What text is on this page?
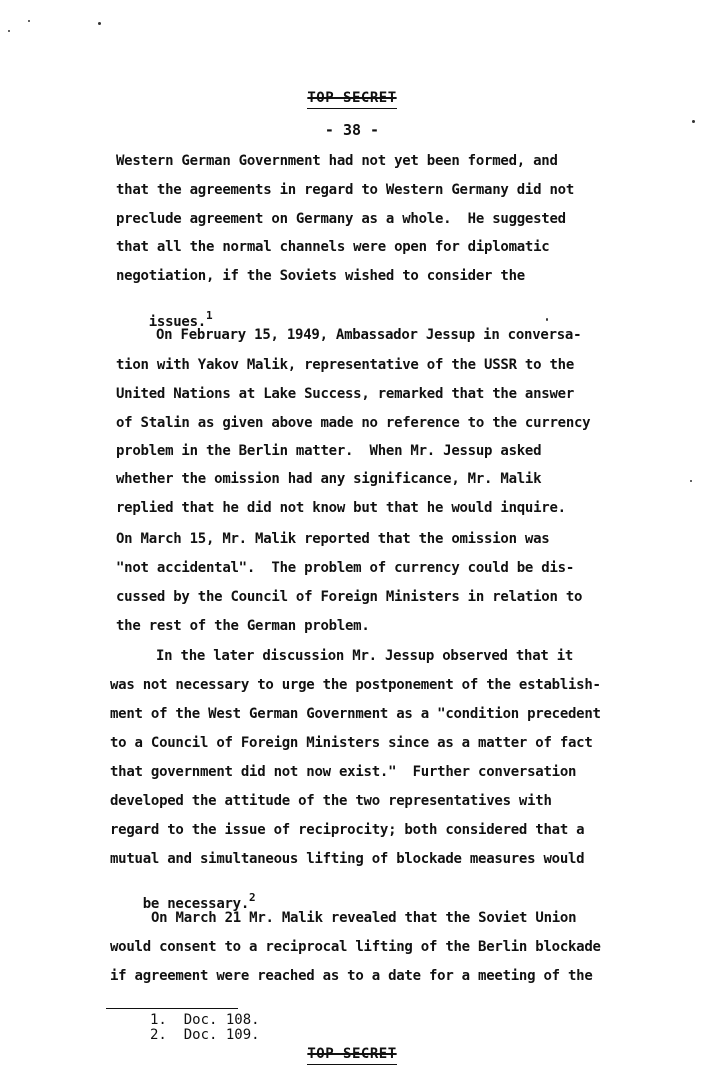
TOP SECRET
- 38 -
Western German Government had not yet been formed, and
that the agreements in regard to Western Germany did not
preclude agreement on Germany as a whole.  He suggested
that all the normal channels were open for diplomatic
negotiation, if the Soviets wished to consider the

issues.$^1$

On February 15, 1949, Ambassador Jessup in conversa-
tion with Yakov Malik, representative of the USSR to the
United Nations at Lake Success, remarked that the answer
of Stalin as given above made no reference to the currency
problem in the Berlin matter.  When Mr. Jessup asked
whether the omission had any significance, Mr. Malik
replied that he did not know but that he would inquire.
On March 15, Mr. Malik reported that the omission was
"not accidental".  The problem of currency could be dis-
cussed by the Council of Foreign Ministers in relation to
the rest of the German problem.
In the later discussion Mr. Jessup observed that it
was not necessary to urge the postponement of the establish-
ment of the West German Government as a "condition precedent
to a Council of Foreign Ministers since as a matter of fact
that government did not now exist."  Further conversation
developed the attitude of the two representatives with
regard to the issue of reciprocity; both considered that a
mutual and simultaneous lifting of blockade measures would

be necessary.$^2$

On March 21 Mr. Malik revealed that the Soviet Union
would consent to a reciprocal lifting of the Berlin blockade
if agreement were reached as to a date for a meeting of the
1.  Doc. 108.
2.  Doc. 109.
TOP SECRET
